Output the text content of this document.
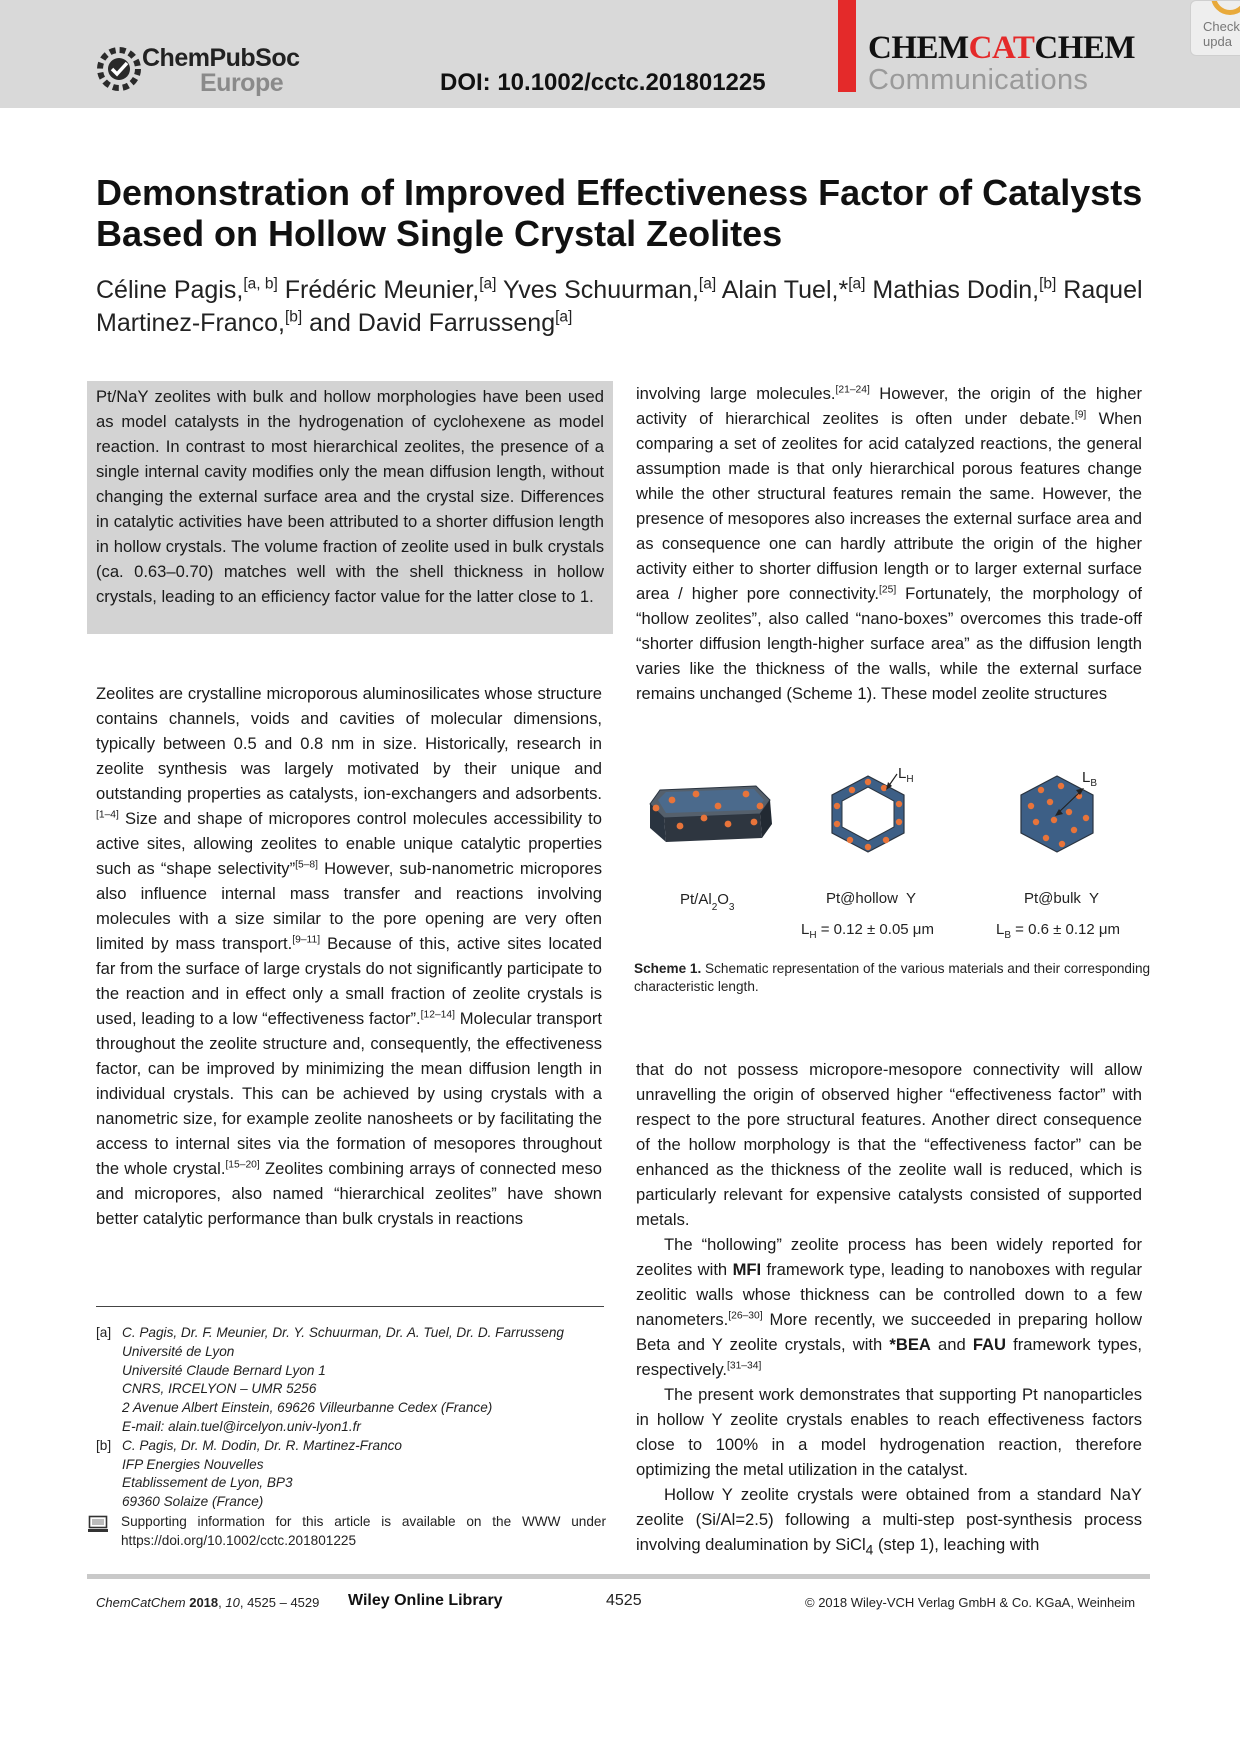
ChemPubSoc
Europe	DOI: 10.1002/cctc.201801225
CHEMCATCHEM
Communications
Check
upda
Demonstration of Improved Effectiveness Factor of Catalysts Based on Hollow Single Crystal Zeolites

Céline Pagis,[a, b] Frédéric Meunier,[a] Yves Schuurman,[a] Alain Tuel,*[a] Mathias Dodin,[b] Raquel Martinez-Franco,[b] and David Farrusseng[a]

Pt/NaY zeolites with bulk and hollow morphologies have been used as model catalysts in the hydrogenation of cyclohexene as model reaction. In contrast to most hierarchical zeolites, the presence of a single internal cavity modifies only the mean diffusion length, without changing the external surface area and the crystal size. Differences in catalytic activities have been attributed to a shorter diffusion length in hollow crystals. The volume fraction of zeolite used in bulk crystals (ca. 0.63–0.70) matches well with the shell thickness in hollow crystals, leading to an efficiency factor value for the latter close to 1.

Zeolites are crystalline microporous aluminosilicates whose structure contains channels, voids and cavities of molecular dimensions, typically between 0.5 and 0.8 nm in size. Historically, research in zeolite synthesis was largely motivated by their unique and outstanding properties as catalysts, ion-exchangers and adsorbents.[1–4] Size and shape of micropores control molecules accessibility to active sites, allowing zeolites to enable unique catalytic properties such as “shape selectivity”[5–8] However, sub-nanometric micropores also influence internal mass transfer and reactions involving molecules with a size similar to the pore opening are very often limited by mass transport.[9–11] Because of this, active sites located far from the surface of large crystals do not significantly participate to the reaction and in effect only a small fraction of zeolite crystals is used, leading to a low “effectiveness factor”.[12–14] Molecular transport throughout the zeolite structure and, consequently, the effectiveness factor, can be improved by minimizing the mean diffusion length in individual crystals. This can be achieved by using crystals with a nanometric size, for example zeolite nanosheets or by facilitating the access to internal sites via the formation of mesopores throughout the whole crystal.[15–20] Zeolites combining arrays of connected meso and micropores, also named “hierarchical zeolites” have shown better catalytic performance than bulk crystals in reactions

involving large molecules.[21–24] However, the origin of the higher activity of hierarchical zeolites is often under debate.[9] When comparing a set of zeolites for acid catalyzed reactions, the general assumption made is that only hierarchical porous features change while the other structural features remain the same. However, the presence of mesopores also increases the external surface area and as consequence one can hardly attribute the origin of the higher activity either to shorter diffusion length or to larger external surface area / higher pore connectivity.[25] Fortunately, the morphology of “hollow zeolites”, also called “nano-boxes” overcomes this trade-off “shorter diffusion length-higher surface area” as the diffusion length varies like the thickness of the walls, while the external surface remains unchanged (Scheme 1). These model zeolite structures

$L_H$	$L_B$
$Pt/Al_2O_3$	Pt@hollow  Y	Pt@bulk  Y
$L_H = 0.12 \pm 0.05$ μm	$L_B = 0.6 \pm 0.12$ μm

Scheme 1. Schematic representation of the various materials and their corresponding characteristic length.

that do not possess micropore-mesopore connectivity will allow unravelling the origin of observed higher “effectiveness factor” with respect to the pore structural features. Another direct consequence of the hollow morphology is that the “effectiveness factor” can be enhanced as the thickness of the zeolite wall is reduced, which is particularly relevant for expensive catalysts consisted of supported metals.

The “hollowing” zeolite process has been widely reported for zeolites with MFI framework type, leading to nanoboxes with regular zeolitic walls whose thickness can be controlled down to a few nanometers.[26–30] More recently, we succeeded in preparing hollow Beta and Y zeolite crystals, with *BEA and FAU framework types, respectively.[31–34]

The present work demonstrates that supporting Pt nanoparticles in hollow Y zeolite crystals enables to reach effectiveness factors close to 100% in a model hydrogenation reaction, therefore optimizing the metal utilization in the catalyst.

Hollow Y zeolite crystals were obtained from a standard NaY zeolite (Si/Al=2.5) following a multi-step post-synthesis process involving dealumination by SiCl$_4$ (step 1), leaching with

[a] C. Pagis, Dr. F. Meunier, Dr. Y. Schuurman, Dr. A. Tuel, Dr. D. Farrusseng
Université de Lyon
Université Claude Bernard Lyon 1
CNRS, IRCELYON – UMR 5256
2 Avenue Albert Einstein, 69626 Villeurbanne Cedex (France)
E-mail: alain.tuel@ircelyon.univ-lyon1.fr
[b] C. Pagis, Dr. M. Dodin, Dr. R. Martinez-Franco
IFP Energies Nouvelles
Etablissement de Lyon, BP3
69360 Solaize (France)
Supporting information for this article is available on the WWW under https://doi.org/10.1002/cctc.201801225
ChemCatChem 2018, 10, 4525 – 4529 Wiley Online Library	4525	© 2018 Wiley-VCH Verlag GmbH & Co. KGaA, Weinheim
